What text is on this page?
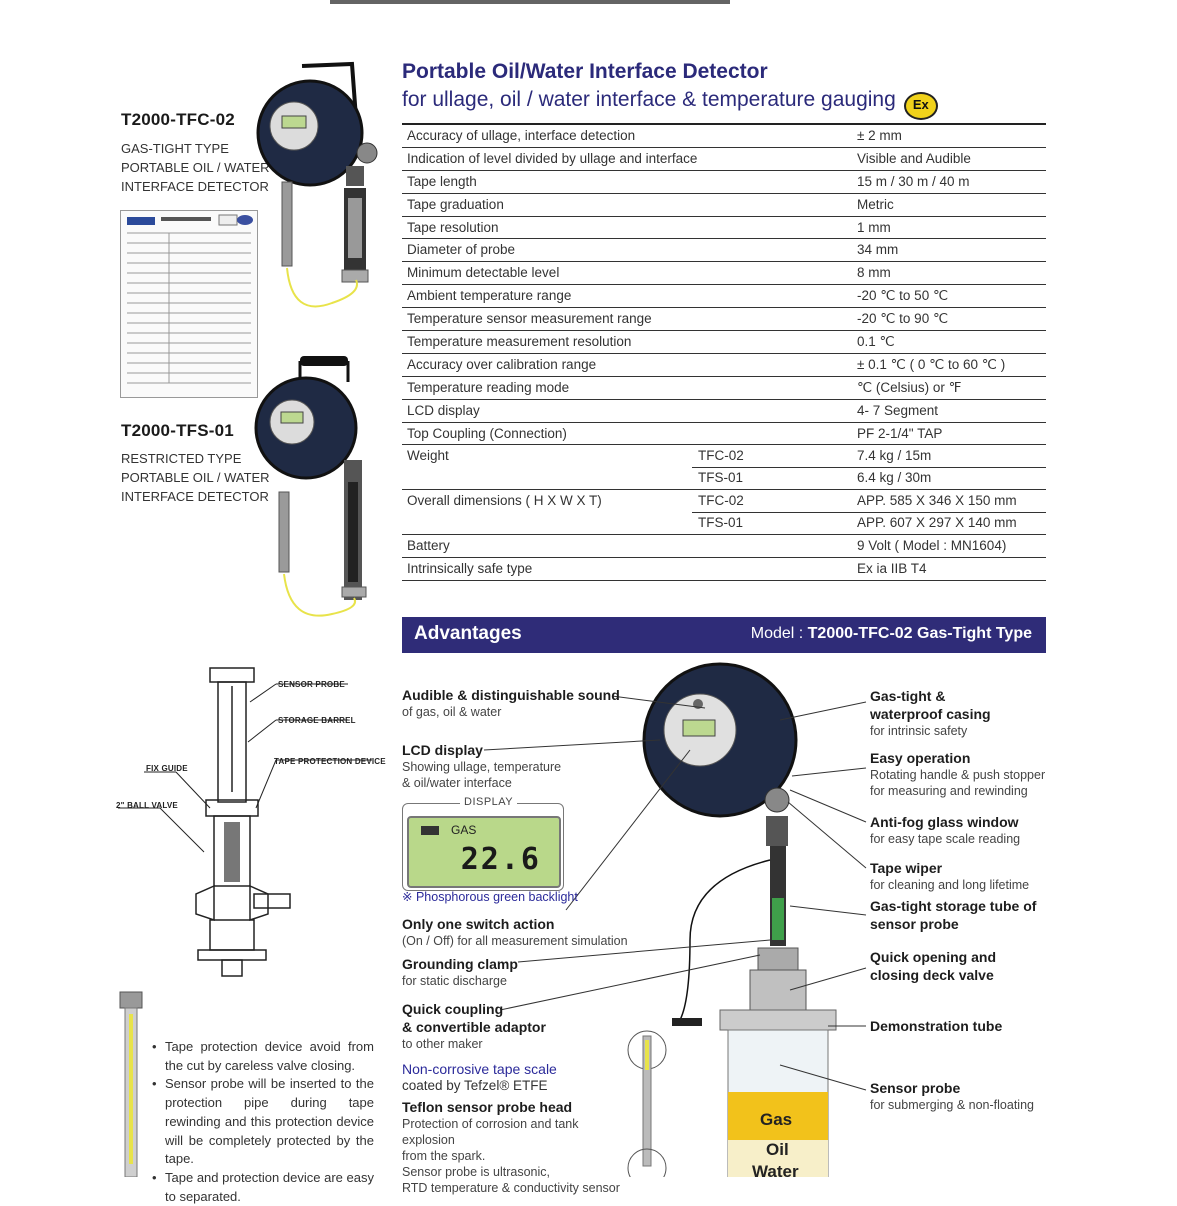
T2000-TFC-02
GAS-TIGHT TYPE
PORTABLE OIL / WATER
INTERFACE DETECTOR
T2000-TFS-01
RESTRICTED TYPE
PORTABLE OIL / WATER
INTERFACE DETECTOR
Portable Oil/Water Interface Detector
for ullage, oil / water interface & temperature gauging Ex
Accuracy of ullage, interface detection	± 2 mm
Indication of level divided by ullage and interface	Visible and Audible
Tape length	15 m / 30 m / 40 m
Tape graduation	Metric
Tape resolution	1 mm
Diameter of probe	34 mm
Minimum detectable level	8 mm
Ambient temperature range	-20 ℃ to 50 ℃
Temperature sensor measurement range	-20 ℃ to 90 ℃
Temperature measurement resolution	0.1 ℃
Accuracy over calibration range	± 0.1 ℃ ( 0 ℃ to 60 ℃ )
Temperature reading mode	℃ (Celsius) or ℉
LCD display	4- 7 Segment
Top Coupling (Connection)	PF 2-1/4" TAP
Weight	TFC-02	7.4 kg / 15m
TFS-01	6.4 kg / 30m
Overall dimensions ( H X W X T)	TFC-02	APP. 585 X 346 X 150 mm
TFS-01	APP. 607 X 297 X 140 mm
Battery	9 Volt ( Model : MN1604)
Intrinsically safe type	Ex ia IIB T4
Advantages	Model : T2000-TFC-02 Gas-Tight Type
SENSOR PROBE
STORAGE BARREL
TAPE PROTECTION DEVICE
FIX GUIDE
2" BALL VALVE
• Tape protection device avoid from the cut by careless valve closing.
• Sensor probe will be inserted to the protection pipe during tape rewinding and this protection device will be completely protected by the tape.
• Tape and protection device are easy to separated.
Gas
Oil
Water
Audible & distinguishable sound
of gas, oil & water
LCD display
Showing ullage, temperature
& oil/water interface
DISPLAY
GAS
22.6
※ Phosphorous green backlight
Only one switch action
(On / Off) for all measurement simulation
Grounding clamp
for static discharge
Quick coupling
& convertible adaptor
to other maker
Non-corrosive tape scale
coated by Tefzel® ETFE
Teflon sensor probe head
Protection of corrosion and tank explosion
from the spark.
Sensor probe is ultrasonic,
RTD temperature & conductivity sensor
Gas-tight &
waterproof casing
for intrinsic safety
Easy operation
Rotating handle & push stopper
for measuring and rewinding
Anti-fog glass window
for easy tape scale reading
Tape wiper
for cleaning and long lifetime
Gas-tight storage tube of
sensor probe
Quick opening and
closing deck valve
Demonstration tube
Sensor probe
for submerging & non-floating
